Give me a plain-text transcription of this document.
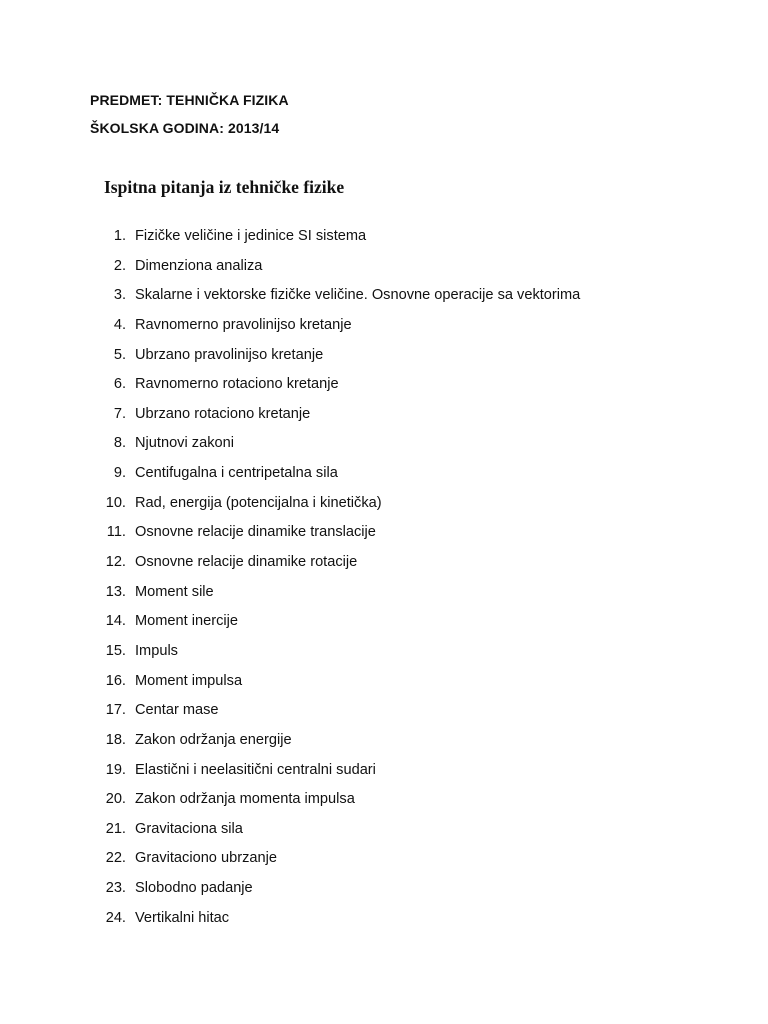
PREDMET: TEHNIČKA FIZIKA
ŠKOLSKA GODINA: 2013/14
Ispitna pitanja iz tehničke fizike
1. Fizičke veličine i jedinice SI sistema
2. Dimenziona analiza
3. Skalarne i vektorske fizičke veličine. Osnovne operacije sa vektorima
4. Ravnomerno pravolinijso kretanje
5. Ubrzano pravolinijso kretanje
6. Ravnomerno rotaciono kretanje
7. Ubrzano rotaciono kretanje
8. Njutnovi zakoni
9. Centifugalna i centripetalna sila
10. Rad, energija (potencijalna i kinetička)
11. Osnovne relacije dinamike translacije
12. Osnovne relacije dinamike rotacije
13. Moment sile
14. Moment inercije
15. Impuls
16. Moment impulsa
17. Centar mase
18. Zakon održanja energije
19. Elastični i neelasitični centralni sudari
20. Zakon održanja momenta impulsa
21. Gravitaciona sila
22. Gravitaciono ubrzanje
23. Slobodno padanje
24. Vertikalni hitac
